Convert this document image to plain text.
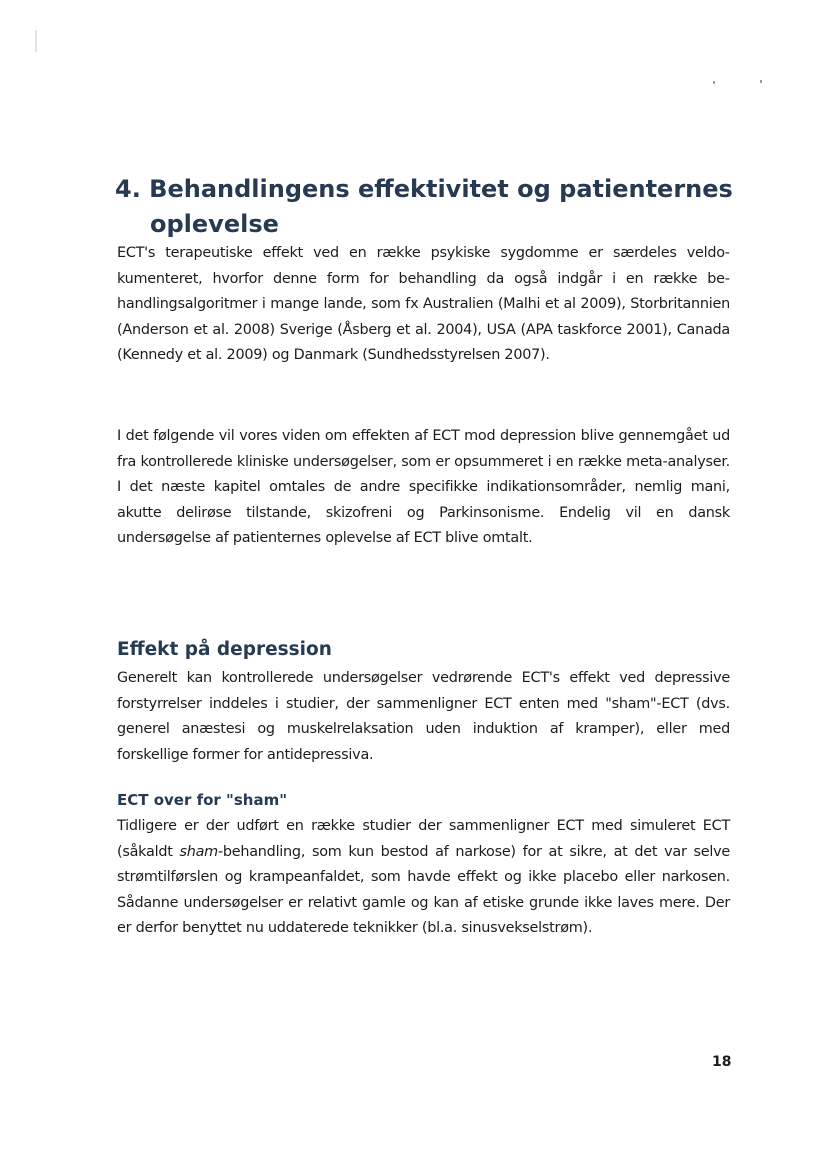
4. Behandlingens effektivitet og patienternes oplevelse

ECT's terapeutiske effekt ved en række psykiske sygdomme er særdeles veldokumenteret, hvorfor denne form for behandling da også indgår i en række behandlingsalgoritmer i mange lande, som fx Australien (Malhi et al 2009), Storbritannien (Anderson et al. 2008) Sverige (Åsberg et al. 2004), USA (APA taskforce 2001), Canada (Kennedy et al. 2009) og Danmark (Sundhedsstyrelsen 2007).

I det følgende vil vores viden om effekten af ECT mod depression blive gennemgået ud fra kontrollerede kliniske undersøgelser, som er opsummeret i en række meta-analyser. I det næste kapitel omtales de andre specifikke indikationsområder, nemlig mani, akutte delirøse tilstande, skizofreni og Parkinsonisme. Endelig vil en dansk undersøgelse af patienternes oplevelse af ECT blive omtalt.

Effekt på depression

Generelt kan kontrollerede undersøgelser vedrørende ECT's effekt ved depressive forstyrrelser inddeles i studier, der sammenligner ECT enten med "sham"-ECT (dvs. generel anæstesi og muskelrelaksation uden induktion af kramper), eller med forskellige former for antidepressiva.

ECT over for "sham"

Tidligere er der udført en række studier der sammenligner ECT med simuleret ECT (såkaldt sham-behandling, som kun bestod af narkose) for at sikre, at det var selve strømtilførslen og krampeanfaldet, som havde effekt og ikke placebo eller narkosen. Sådanne undersøgelser er relativt gamle og kan af etiske grunde ikke laves mere. Der er derfor benyttet nu uddaterede teknikker (bl.a. sinusvekselstrøm).

18
